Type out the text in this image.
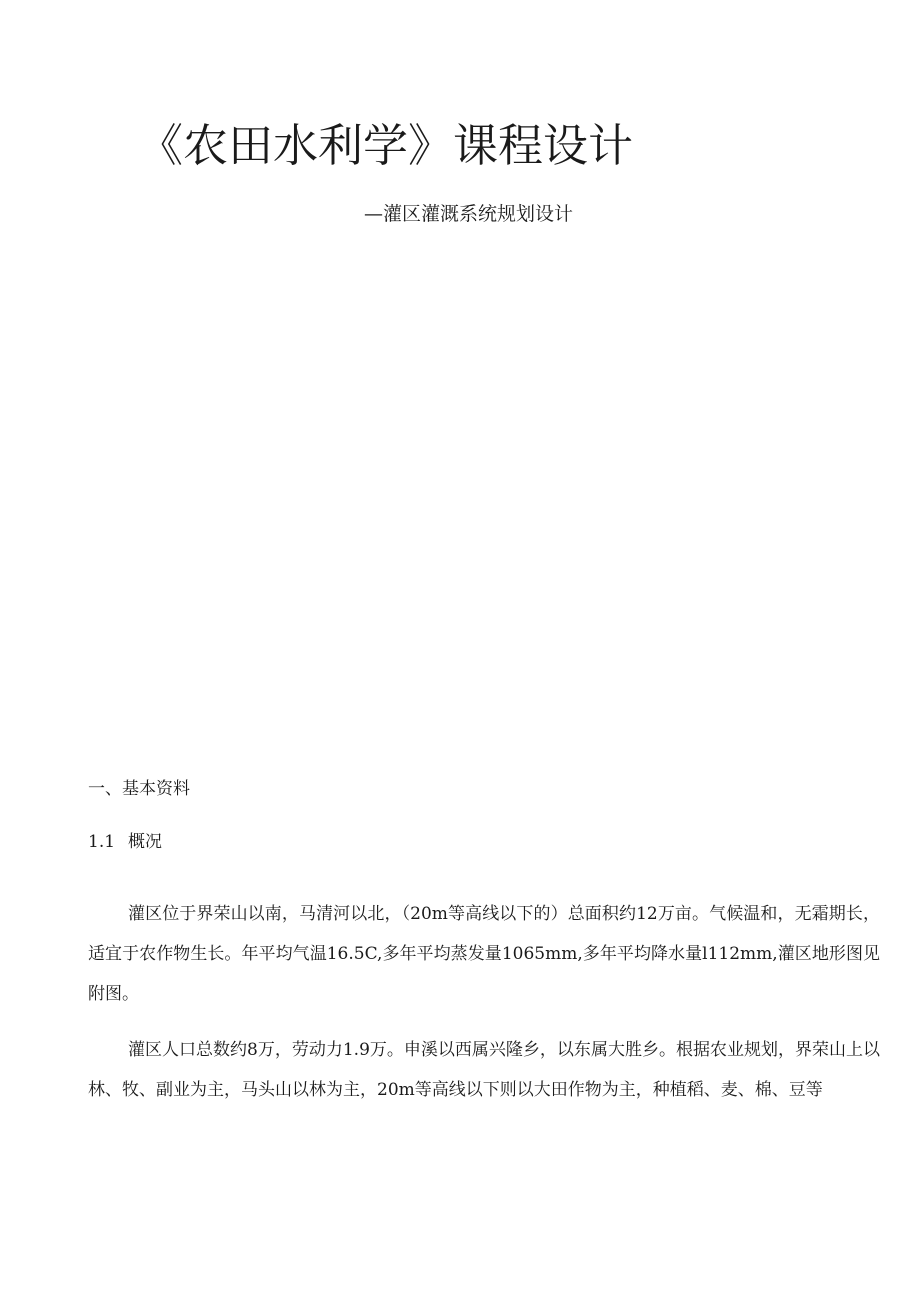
《农田水利学》课程设计
—灌区灌溉系统规划设计
一、基本资料
1.1 概况

灌区位于界荣山以南，马清河以北，（20m等高线以下的）总面积约12万亩。气候温和，无霜期长，适宜于农作物生长。年平均气温16.5C,多年平均蒸发量1065mm,多年平均降水量l112mm,灌区地形图见附图。

灌区人口总数约8万，劳动力1.9万。申溪以西属兴隆乡，以东属大胜乡。根据农业规划，界荣山上以林、牧、副业为主，马头山以林为主，20m等高线以下则以大田作物为主，种植稻、麦、棉、豆等
